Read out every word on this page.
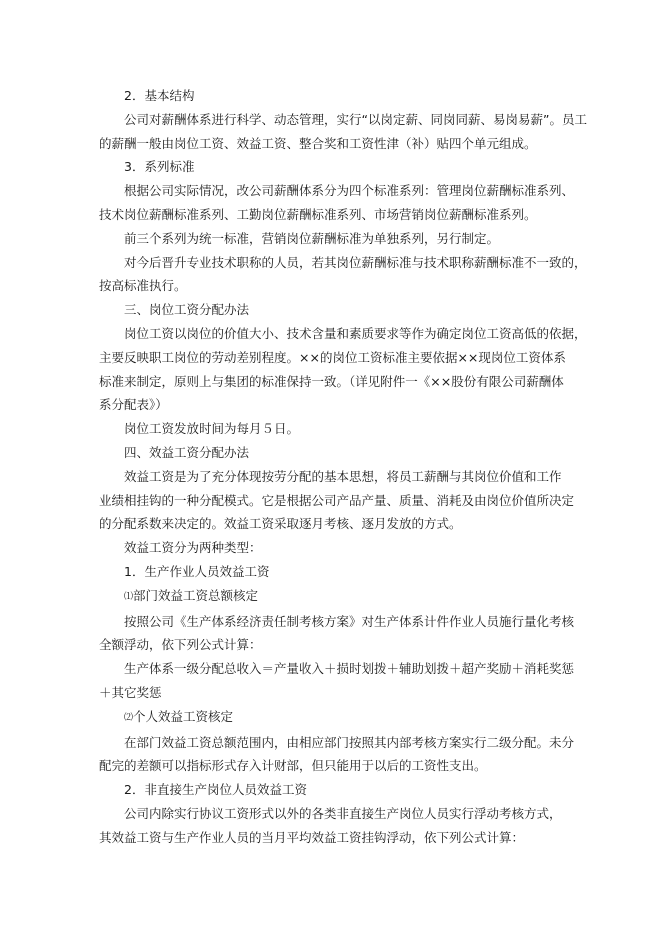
2．基本结构
公司对薪酬体系进行科学、动态管理，实行“以岗定薪、同岗同薪、易岗易薪”。员工
的薪酬一般由岗位工资、效益工资、整合奖和工资性津（补）贴四个单元组成。
3．系列标准
根据公司实际情况，改公司薪酬体系分为四个标准系列：管理岗位薪酬标准系列、
技术岗位薪酬标准系列、工勤岗位薪酬标准系列、市场营销岗位薪酬标准系列。
前三个系列为统一标准，营销岗位薪酬标准为单独系列，另行制定。
对今后晋升专业技术职称的人员，若其岗位薪酬标准与技术职称薪酬标准不一致的，
按高标准执行。
三、岗位工资分配办法
岗位工资以岗位的价值大小、技术含量和素质要求等作为确定岗位工资高低的依据，
主要反映职工岗位的劳动差别程度。××的岗位工资标准主要依据××现岗位工资体系
标准来制定，原则上与集团的标准保持一致。（详见附件一《××股份有限公司薪酬体
系分配表》）
岗位工资发放时间为每月５日。
四、效益工资分配办法
效益工资是为了充分体现按劳分配的基本思想，将员工薪酬与其岗位价值和工作
业绩相挂钩的一种分配模式。它是根据公司产品产量、质量、消耗及由岗位价值所决定
的分配系数来决定的。效益工资采取逐月考核、逐月发放的方式。
效益工资分为两种类型：
1．生产作业人员效益工资
⑴部门效益工资总额核定
按照公司《生产体系经济责任制考核方案》对生产体系计件作业人员施行量化考核
全额浮动，依下列公式计算：
生产体系一级分配总收入＝产量收入＋损时划拨＋辅助划拨＋超产奖励＋消耗奖惩
＋其它奖惩
⑵个人效益工资核定
在部门效益工资总额范围内，由相应部门按照其内部考核方案实行二级分配。未分
配完的差额可以指标形式存入计财部，但只能用于以后的工资性支出。
2．非直接生产岗位人员效益工资
公司内除实行协议工资形式以外的各类非直接生产岗位人员实行浮动考核方式，
其效益工资与生产作业人员的当月平均效益工资挂钩浮动，依下列公式计算：
